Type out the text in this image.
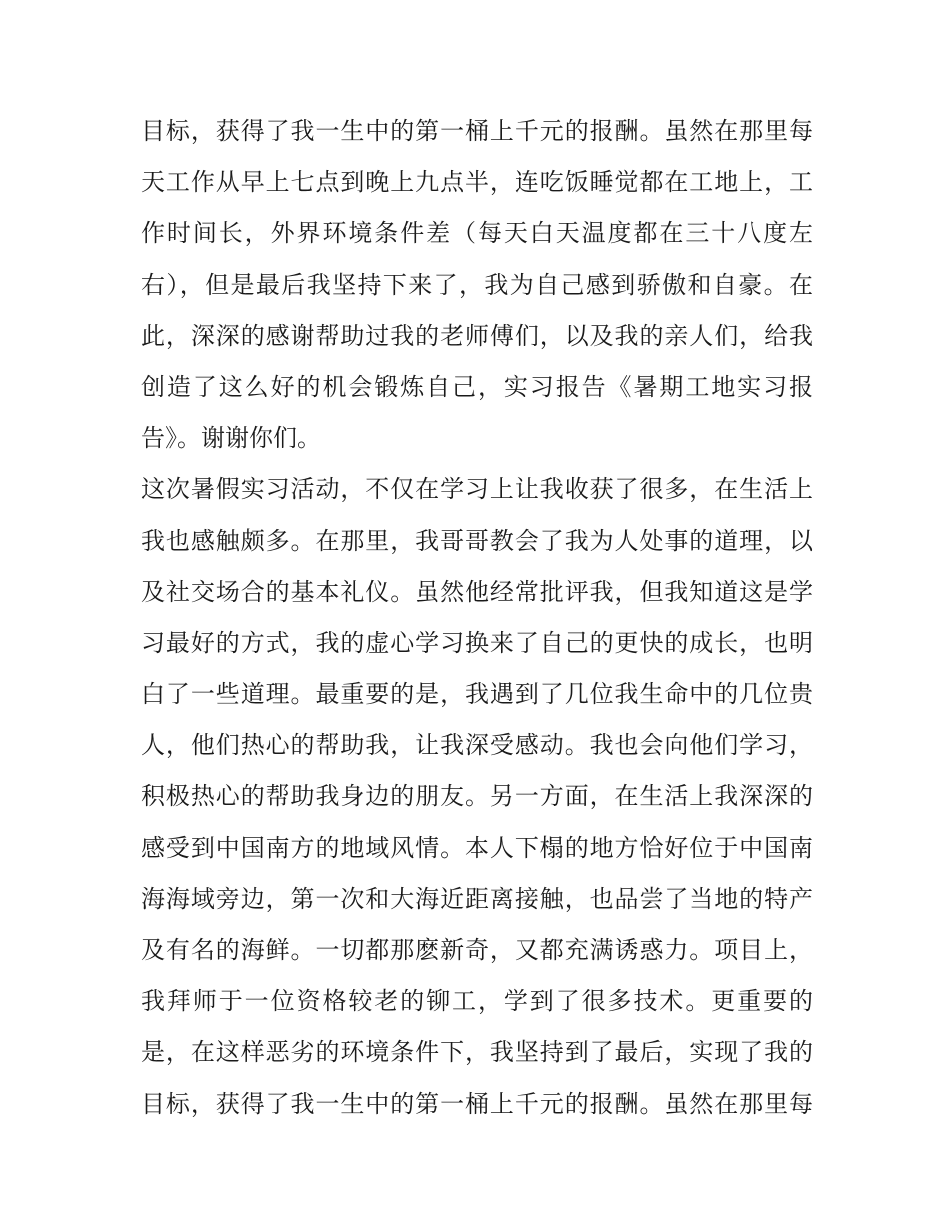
目标，获得了我一生中的第一桶上千元的报酬。虽然在那里每
天工作从早上七点到晚上九点半，连吃饭睡觉都在工地上，工
作时间长，外界环境条件差（每天白天温度都在三十八度左
右），但是最后我坚持下来了，我为自己感到骄傲和自豪。在
此，深深的感谢帮助过我的老师傅们，以及我的亲人们，给我
创造了这么好的机会锻炼自己，实习报告《暑期工地实习报
告》。谢谢你们。
这次暑假实习活动，不仅在学习上让我收获了很多，在生活上
我也感触颇多。在那里，我哥哥教会了我为人处事的道理，以
及社交场合的基本礼仪。虽然他经常批评我，但我知道这是学
习最好的方式，我的虚心学习换来了自己的更快的成长，也明
白了一些道理。最重要的是，我遇到了几位我生命中的几位贵
人，他们热心的帮助我，让我深受感动。我也会向他们学习，
积极热心的帮助我身边的朋友。另一方面，在生活上我深深的
感受到中国南方的地域风情。本人下榻的地方恰好位于中国南
海海域旁边，第一次和大海近距离接触，也品尝了当地的特产
及有名的海鲜。一切都那麽新奇，又都充满诱惑力。项目上，
我拜师于一位资格较老的铆工，学到了很多技术。更重要的
是，在这样恶劣的环境条件下，我坚持到了最后，实现了我的
目标，获得了我一生中的第一桶上千元的报酬。虽然在那里每
